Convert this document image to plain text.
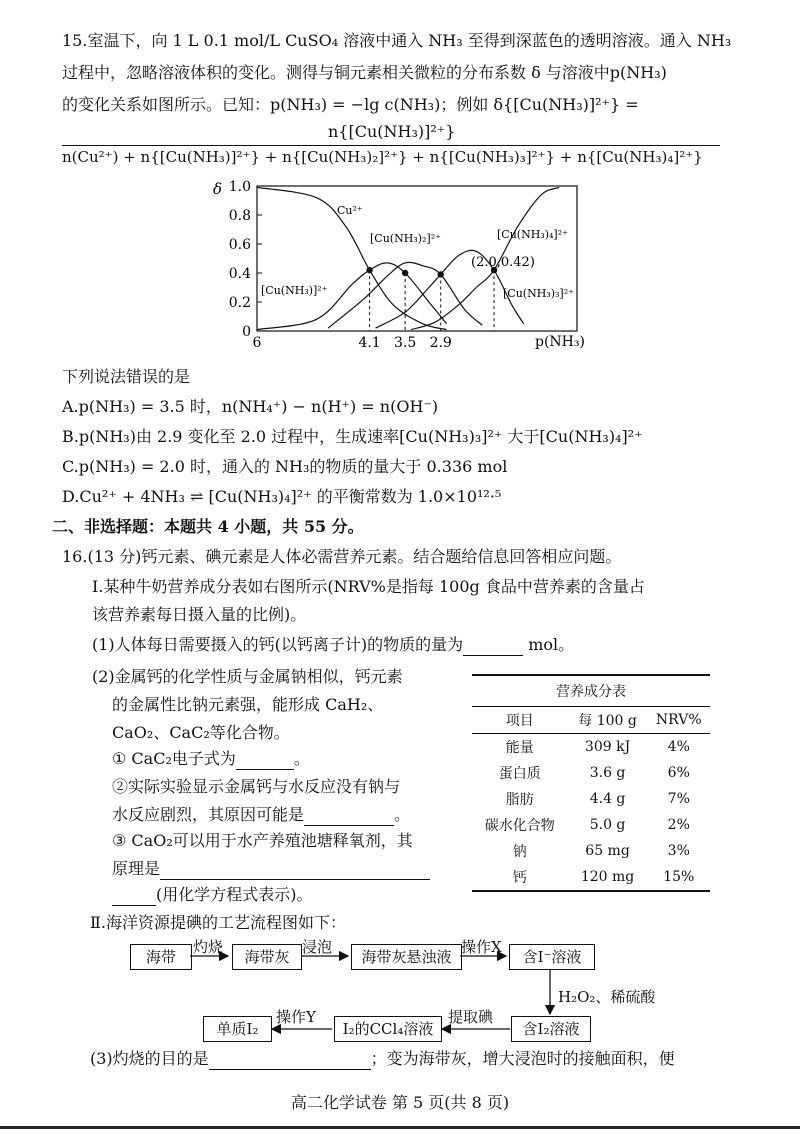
15.室温下，向 1 L 0.1 mol/L CuSO₄ 溶液中通入 NH₃ 至得到深蓝色的透明溶液。通入 NH₃
过程中，忽略溶液体积的变化。测得与铜元素相关微粒的分布系数 δ 与溶液中p(NH₃)
的变化关系如图所示。已知：p(NH₃) = −lg c(NH₃)；例如 δ{[Cu(NH₃)]²⁺} =
n{[Cu(NH₃)]²⁺}
n(Cu²⁺) + n{[Cu(NH₃)]²⁺} + n{[Cu(NH₃)₂]²⁺} + n{[Cu(NH₃)₃]²⁺} + n{[Cu(NH₃)₄]²⁺}
δ
0
0.2
0.4
0.6
0.8
1.0
6	4.1 3.5 2.9	p(NH₃)
Cu²⁺
[Cu(NH₃)₂]²⁺	[Cu(NH₃)₄]²⁺
[Cu(NH₃)]²⁺	[Cu(NH₃)₃]²⁺
(2.0,0.42)
下列说法错误的是
A.p(NH₃) = 3.5 时，n(NH₄⁺) − n(H⁺) = n(OH⁻)
B.p(NH₃)由 2.9 变化至 2.0 过程中，生成速率[Cu(NH₃)₃]²⁺ 大于[Cu(NH₃)₄]²⁺
C.p(NH₃) = 2.0 时，通入的 NH₃的物质的量大于 0.336 mol
D.Cu²⁺ + 4NH₃ ⇌ [Cu(NH₃)₄]²⁺ 的平衡常数为 1.0×10¹²·⁵
二、非选择题：本题共 4 小题，共 55 分。
16.(13 分)钙元素、碘元素是人体必需营养元素。结合题给信息回答相应问题。
Ⅰ.某种牛奶营养成分表如右图所示(NRV%是指每 100g 食品中营养素的含量占
该营养素每日摄入量的比例)。
(1)人体每日需要摄入的钙(以钙离子计)的物质的量为	mol。
(2)金属钙的化学性质与金属钠相似，钙元素
的金属性比钠元素强，能形成 CaH₂、
CaO₂、CaC₂等化合物。
① CaC₂电子式为	。
②实际实验显示金属钙与水反应没有钠与
水反应剧烈，其原因可能是	。
③ CaO₂可以用于水产养殖池塘释氧剂，其
原理是
(用化学方程式表示)。
营养成分表		
项目	每 100 g	NRV%
能量	309 kJ	4%
蛋白质	3.6 g	6%
脂肪	4.4 g	7%
碳水化合物	5.0 g	2%
钠	65 mg	3%
钙	120 mg	15%
Ⅱ.海洋资源提碘的工艺流程图如下：
海带
灼烧
海带灰
浸泡
海带灰悬浊液
操作X
含I⁻溶液
H₂O₂、稀硫酸
含I₂溶液
提取碘
I₂的CCl₄溶液
操作Y
单质I₂
(3)灼烧的目的是	；变为海带灰，增大浸泡时的接触面积，便
高二化学试卷 第 5 页(共 8 页)
